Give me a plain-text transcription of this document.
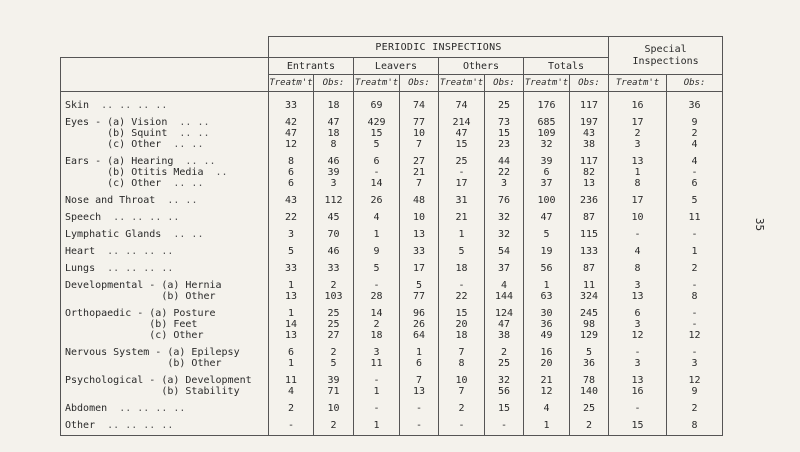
	PERIODIC INSPECTIONS								Special
Inspections	
	Entrants		Leavers		Others		Totals			
	Treatm't	Obs:	Treatm't	Obs:	Treatm't	Obs:	Treatm't	Obs:	Treatm't	Obs:
Skin .. .. .. ..	33	18	69	74	74	25	176	117	16	36
Eyes - (a) Vision .. ..	42	47	429	77	214	73	685	197	17	9
(b) Squint .. ..	47	18	15	10	47	15	109	43	2	2
(c) Other .. ..	12	8	5	7	15	23	32	38	3	4
Ears - (a) Hearing .. ..	8	46	6	27	25	44	39	117	13	4
(b) Otitis Media ..	6	39	-	21	-	22	6	82	1	-
(c) Other .. ..	6	3	14	7	17	3	37	13	8	6
Nose and Throat .. ..	43	112	26	48	31	76	100	236	17	5
Speech .. .. .. ..	22	45	4	10	21	32	47	87	10	11
Lymphatic Glands .. ..	3	70	1	13	1	32	5	115	-	-
Heart .. .. .. ..	5	46	9	33	5	54	19	133	4	1
Lungs .. .. .. ..	33	33	5	17	18	37	56	87	8	2
Developmental - (a) Hernia	1	2	-	5	-	4	1	11	3	-
(b) Other	13	103	28	77	22	144	63	324	13	8
Orthopaedic - (a) Posture	1	25	14	96	15	124	30	245	6	-
(b) Feet	14	25	2	26	20	47	36	98	3	-
(c) Other	13	27	18	64	18	38	49	129	12	12
Nervous System - (a) Epilepsy	6	2	3	1	7	2	16	5	-	-
(b) Other	1	5	11	6	8	25	20	36	3	3
Psychological - (a) Development	11	39	-	7	10	32	21	78	13	12
(b) Stability	4	71	1	13	7	56	12	140	16	9
Abdomen .. .. .. ..	2	10	-	-	2	15	4	25	-	2
Other .. .. .. ..	-	2	1	-	-	-	1	2	15	8
35
